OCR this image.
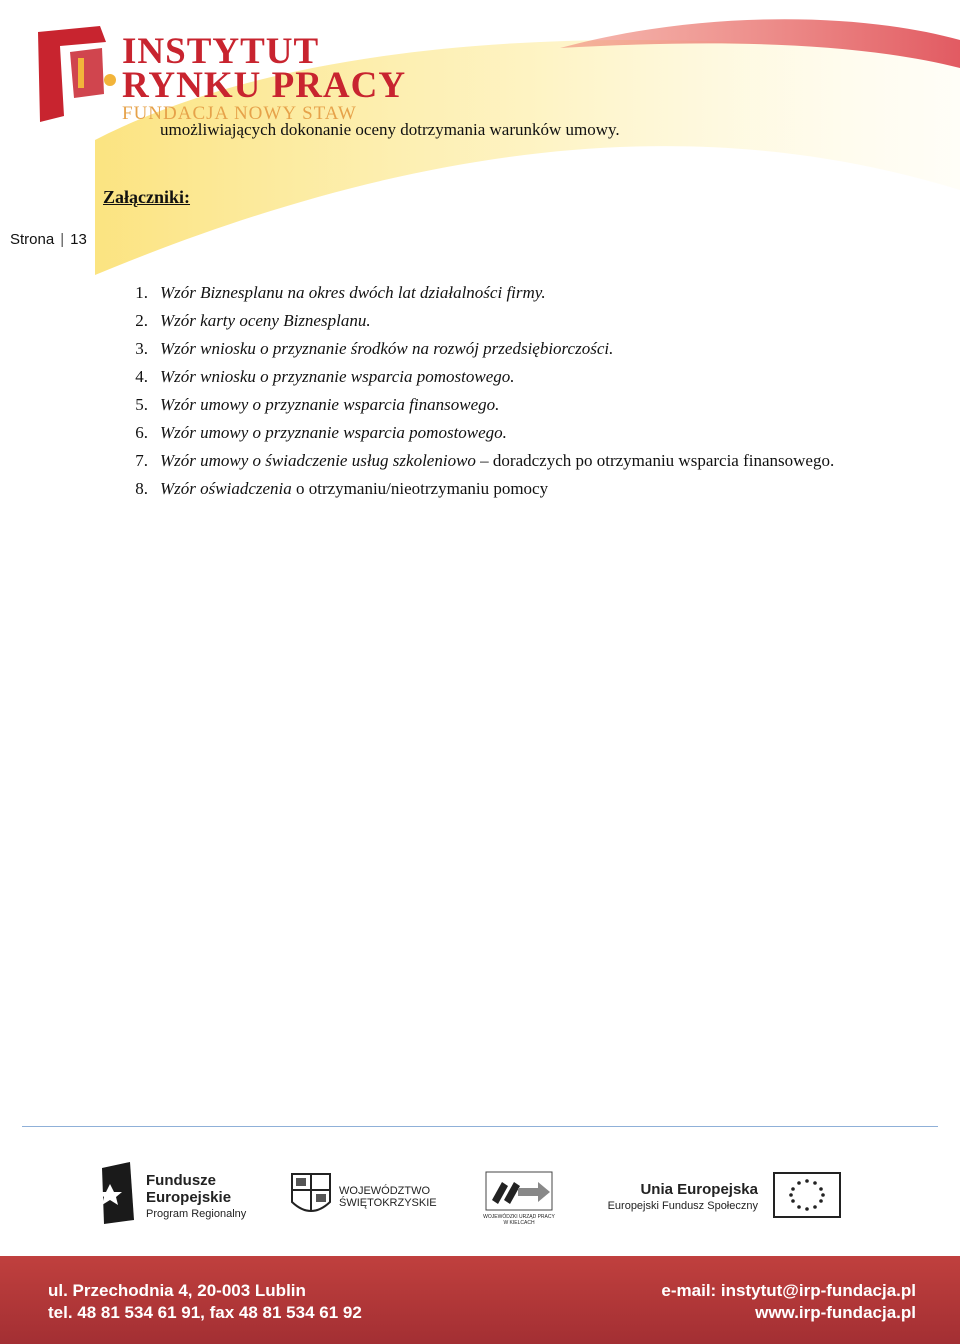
INSTYTUT
RYNKU PRACY
FUNDACJA NOWY STAW
umożliwiających dokonanie oceny dotrzymania warunków umowy.
Załączniki:
Strona | 13
1. Wzór Biznesplanu na okres dwóch lat działalności firmy.
2. Wzór karty oceny Biznesplanu.
3. Wzór wniosku o przyznanie środków na rozwój przedsiębiorczości.
4. Wzór wniosku o przyznanie wsparcia pomostowego.
5. Wzór umowy o przyznanie wsparcia finansowego.
6. Wzór umowy o przyznanie wsparcia pomostowego.
7. Wzór umowy o świadczenie usług szkoleniowo – doradczych po otrzymaniu wsparcia finansowego.
8. Wzór oświadczenia o otrzymaniu/nieotrzymaniu pomocy
Fundusze
Europejskie
Program Regionalny
WOJEWÓDZTWO
ŚWIĘTOKRZYSKIE
WOJEWÓDZKI URZĄD PRACY
W KIELCACH
Unia Europejska
Europejski Fundusz Społeczny
ul. Przechodnia 4, 20-003 Lublin
tel. 48 81 534 61 91, fax 48 81 534 61 92
e-mail: instytut@irp-fundacja.pl
www.irp-fundacja.pl
